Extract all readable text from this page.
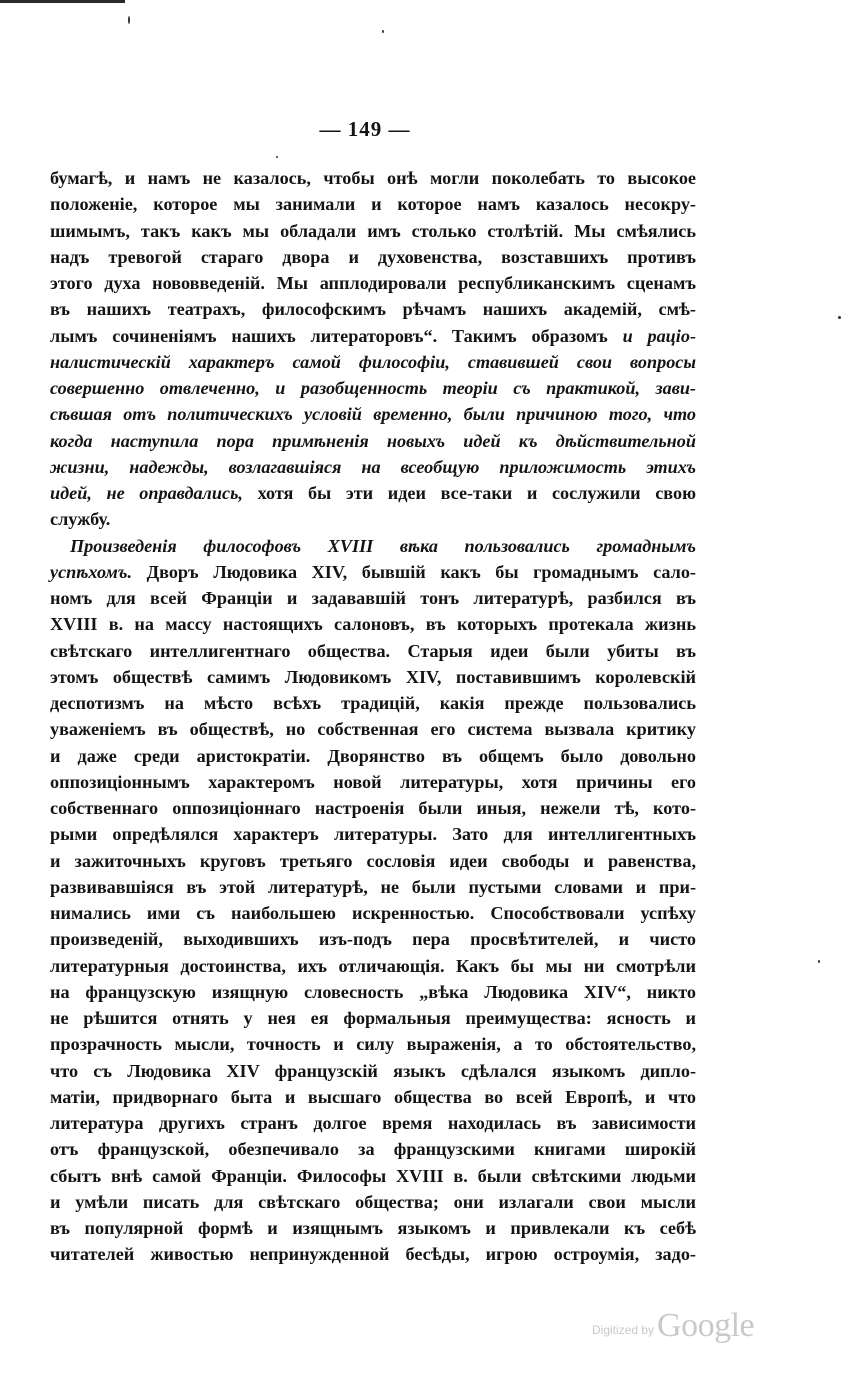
— 149 —
бумагѣ, и намъ не казалось, чтобы онѣ могли поколебать то высокое
положенiе, которое мы занимали и которое намъ казалось несокру-
шимымъ, такъ какъ мы обладали имъ столько столѣтiй. Мы смѣялись
надъ тревогой стараго двора и духовенства, возставшихъ противъ
этого духа нововведенiй. Мы апплодировали республиканскимъ сценамъ
въ нашихъ театрахъ, философскимъ рѣчамъ нашихъ академiй, смѣ-
лымъ сочиненiямъ нашихъ литераторовъ“. Такимъ образомъ и рацiо-
налистическiй характеръ самой философiи, ставившей свои вопросы
совершенно отвлеченно, и разобщенность теорiи съ практикой, зави-
сѣвшая отъ политическихъ условiй временно, были причиною того, что
когда наступила пора примѣненiя новыхъ идей къ дѣйствительной
жизни, надежды, возлагавшiяся на всеобщую приложимость этихъ
идей, не оправдались, хотя бы эти идеи все-таки и сослужили свою
службу.
Произведенiя философовъ XVIII вѣка пользовались громаднымъ
успѣхомъ. Дворъ Людовика XIV, бывшiй какъ бы громаднымъ сало-
номъ для всей Францiи и задававшiй тонъ литературѣ, разбился въ
XVIII в. на массу настоящихъ салоновъ, въ которыхъ протекала жизнь
свѣтскаго интеллигентнаго общества. Старыя идеи были убиты въ
этомъ обществѣ самимъ Людовикомъ XIV, поставившимъ королевскiй
деспотизмъ на мѣсто всѣхъ традицiй, какiя прежде пользовались
уваженiемъ въ обществѣ, но собственная его система вызвала критику
и даже среди аристократiи. Дворянство въ общемъ было довольно
оппозицiоннымъ характеромъ новой литературы, хотя причины его
собственнаго оппозицiоннаго настроенiя были иныя, нежели тѣ, кото-
рыми опредѣлялся характеръ литературы. Зато для интеллигентныхъ
и зажиточныхъ круговъ третьяго сословiя идеи свободы и равенства,
развивавшiяся въ этой литературѣ, не были пустыми словами и при-
нимались ими съ наибольшею искренностью. Способствовали успѣху
произведенiй, выходившихъ изъ-подъ пера просвѣтителей, и чисто
литературныя достоинства, ихъ отличающiя. Какъ бы мы ни смотрѣли
на французскую изящную словесность „вѣка Людовика XIV“, никто
не рѣшится отнять у нея ея формальныя преимущества: ясность и
прозрачность мысли, точность и силу выраженiя, а то обстоятельство,
что съ Людовика XIV французскiй языкъ сдѣлался языкомъ дипло-
матiи, придворнаго быта и высшаго общества во всей Европѣ, и что
литература другихъ странъ долгое время находилась въ зависимости
отъ французской, обезпечивало за французскими книгами широкiй
сбытъ внѣ самой Францiи. Философы XVIII в. были свѣтскими людьми
и умѣли писать для свѣтскаго общества; они излагали свои мысли
въ популярной формѣ и изящнымъ языкомъ и привлекали къ себѣ
читателей живостью непринужденной бесѣды, игрою остроумiя, задо-
Digitized by Google
